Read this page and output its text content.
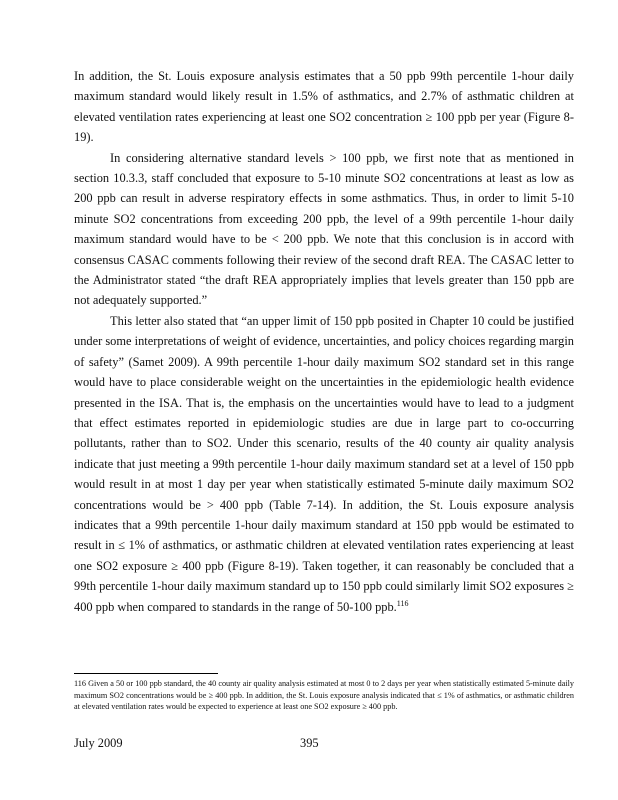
In addition, the St. Louis exposure analysis estimates that a 50 ppb 99th percentile 1-hour daily maximum standard would likely result in 1.5% of asthmatics, and 2.7% of asthmatic children at elevated ventilation rates experiencing at least one SO2 concentration ≥ 100 ppb per year (Figure 8-19).

In considering alternative standard levels > 100 ppb, we first note that as mentioned in section 10.3.3, staff concluded that exposure to 5-10 minute SO2 concentrations at least as low as 200 ppb can result in adverse respiratory effects in some asthmatics. Thus, in order to limit 5-10 minute SO2 concentrations from exceeding 200 ppb, the level of a 99th percentile 1-hour daily maximum standard would have to be < 200 ppb. We note that this conclusion is in accord with consensus CASAC comments following their review of the second draft REA. The CASAC letter to the Administrator stated “the draft REA appropriately implies that levels greater than 150 ppb are not adequately supported.”

This letter also stated that “an upper limit of 150 ppb posited in Chapter 10 could be justified under some interpretations of weight of evidence, uncertainties, and policy choices regarding margin of safety” (Samet 2009). A 99th percentile 1-hour daily maximum SO2 standard set in this range would have to place considerable weight on the uncertainties in the epidemiologic health evidence presented in the ISA. That is, the emphasis on the uncertainties would have to lead to a judgment that effect estimates reported in epidemiologic studies are due in large part to co-occurring pollutants, rather than to SO2. Under this scenario, results of the 40 county air quality analysis indicate that just meeting a 99th percentile 1-hour daily maximum standard set at a level of 150 ppb would result in at most 1 day per year when statistically estimated 5-minute daily maximum SO2 concentrations would be > 400 ppb (Table 7-14). In addition, the St. Louis exposure analysis indicates that a 99th percentile 1-hour daily maximum standard at 150 ppb would be estimated to result in ≤ 1% of asthmatics, or asthmatic children at elevated ventilation rates experiencing at least one SO2 exposure ≥ 400 ppb (Figure 8-19). Taken together, it can reasonably be concluded that a 99th percentile 1-hour daily maximum standard up to 150 ppb could similarly limit SO2 exposures ≥ 400 ppb when compared to standards in the range of 50-100 ppb.$^{116}$

116 Given a 50 or 100 ppb standard, the 40 county air quality analysis estimated at most 0 to 2 days per year when statistically estimated 5-minute daily maximum SO2 concentrations would be ≥ 400 ppb. In addition, the St. Louis exposure analysis indicated that ≤ 1% of asthmatics, or asthmatic children at elevated ventilation rates would be expected to experience at least one SO2 exposure ≥ 400 ppb.
July 2009	395
